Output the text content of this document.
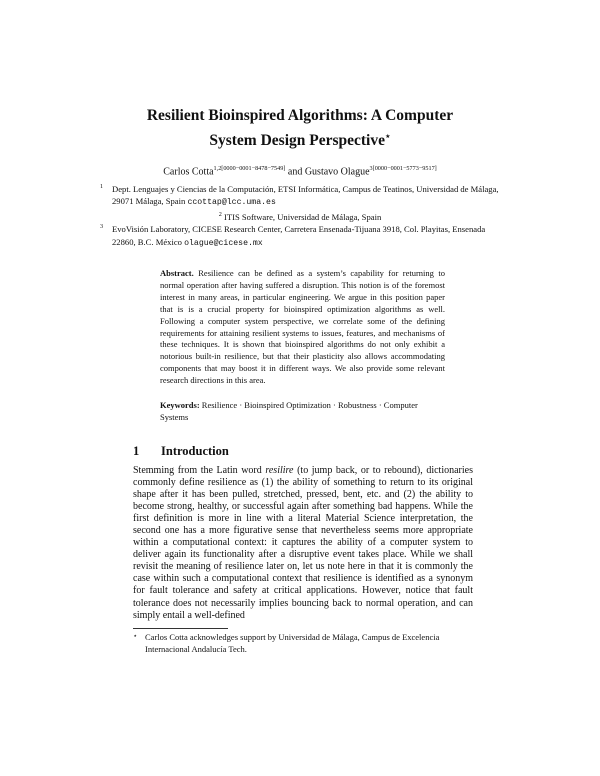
Resilient Bioinspired Algorithms: A Computer
System Design Perspective⋆
Carlos Cotta$^{1,2[0000-0001-8478-7549]}$ and Gustavo Olague$^{3[0000-0001-5773-9517]}$
1 Dept. Lenguajes y Ciencias de la Computación, ETSI Informática, Campus de Teatinos, Universidad de Málaga, 29071 Málaga, Spain ccottap@lcc.uma.es
$^2$ ITIS Software, Universidad de Málaga, Spain
3 EvoVisión Laboratory, CICESE Research Center, Carretera Ensenada-Tijuana 3918, Col. Playitas, Ensenada 22860, B.C. México olague@cicese.mx
Abstract. Resilience can be defined as a system’s capability for returning to normal operation after having suffered a disruption. This notion is of the foremost interest in many areas, in particular engineering. We argue in this position paper that is is a crucial property for bioinspired optimization algorithms as well. Following a computer system perspective, we correlate some of the defining requirements for attaining resilient systems to issues, features, and mechanisms of these techniques. It is shown that bioinspired algorithms do not only exhibit a notorious built-in resilience, but that their plasticity also allows accommodating components that may boost it in different ways. We also provide some relevant research directions in this area.
Keywords: Resilience · Bioinspired Optimization · Robustness · Computer Systems
1 Introduction
Stemming from the Latin word resilire (to jump back, or to rebound), dictionaries commonly define resilience as (1) the ability of something to return to its original shape after it has been pulled, stretched, pressed, bent, etc. and (2) the ability to become strong, healthy, or successful again after something bad happens. While the first definition is more in line with a literal Material Science interpretation, the second one has a more figurative sense that nevertheless seems more appropriate within a computational context: it captures the ability of a computer system to deliver again its functionality after a disruptive event takes place. While we shall revisit the meaning of resilience later on, let us note here in that it is commonly the case within such a computational context that resilience is identified as a synonym for fault tolerance and safety at critical applications. However, notice that fault tolerance does not necessarily implies bouncing back to normal operation, and can simply entail a well-defined
⋆ Carlos Cotta acknowledges support by Universidad de Málaga, Campus de Excelencia Internacional Andalucía Tech.
